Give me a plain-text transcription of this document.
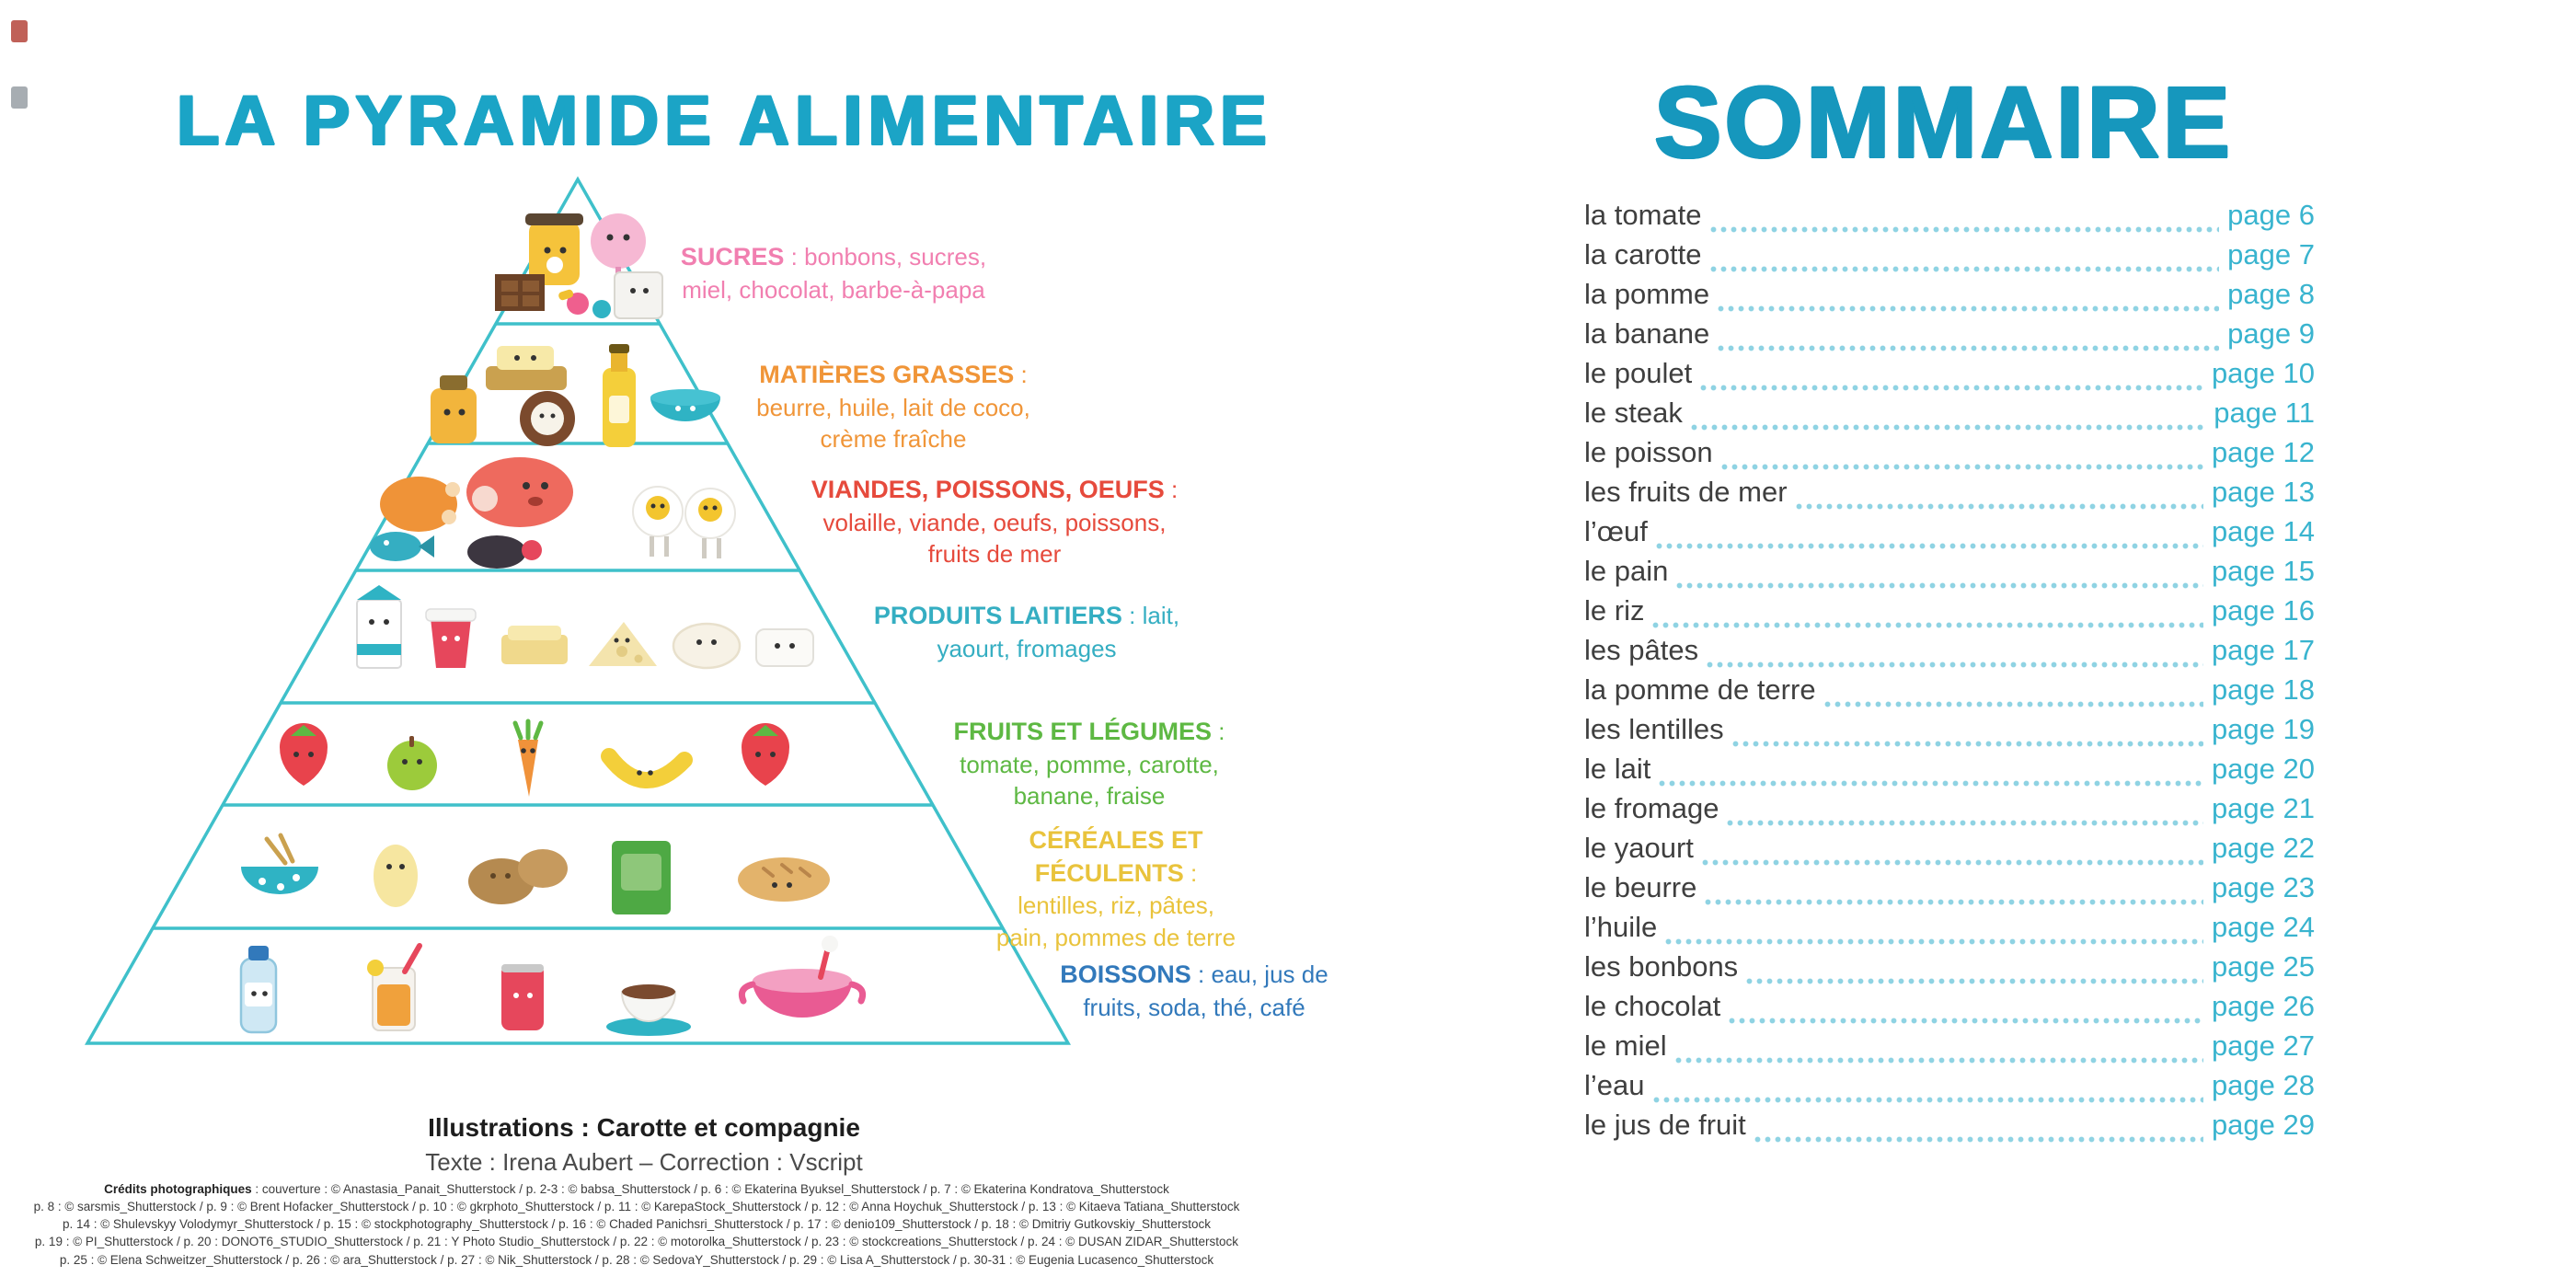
LA PYRAMIDE ALIMENTAIRE
SUCRES : bonbons, sucres, miel, chocolat, barbe-à-papa
MATIÈRES GRASSES : beurre, huile, lait de coco, crème fraîche
VIANDES, POISSONS, OEUFS : volaille, viande, oeufs, poissons, fruits de mer
PRODUITS LAITIERS : lait, yaourt, fromages
FRUITS ET LÉGUMES : tomate, pomme, carotte, banane, fraise
CÉRÉALES ET FÉCULENTS : lentilles, riz, pâtes, pain, pommes de terre
BOISSONS : eau, jus de fruits, soda, thé, café
Illustrations : Carotte et compagnie
Texte : Irena Aubert – Correction : Vscript
Crédits photographiques : couverture : © Anastasia_Panait_Shutterstock / p. 2-3 : © babsa_Shutterstock / p. 6 : © Ekaterina Byuksel_Shutterstock / p. 7 : © Ekaterina Kondratova_Shutterstock
p. 8 : © sarsmis_Shutterstock / p. 9 : © Brent Hofacker_Shutterstock / p. 10 : © gkrphoto_Shutterstock / p. 11 : © KarepaStock_Shutterstock / p. 12 : © Anna Hoychuk_Shutterstock / p. 13 : © Kitaeva Tatiana_Shutterstock
p. 14 : © Shulevskyy Volodymyr_Shutterstock / p. 15 : © stockphotography_Shutterstock / p. 16 : © Chaded Panichsri_Shutterstock / p. 17 : © denio109_Shutterstock / p. 18 : © Dmitriy Gutkovskiy_Shutterstock
p. 19 : © PI_Shutterstock / p. 20 : DONOT6_STUDIO_Shutterstock / p. 21 : Y Photo Studio_Shutterstock / p. 22 : © motorolka_Shutterstock / p. 23 : © stockcreations_Shutterstock / p. 24 : © DUSAN ZIDAR_Shutterstock
p. 25 : © Elena Schweitzer_Shutterstock / p. 26 : © ara_Shutterstock / p. 27 : © Nik_Shutterstock / p. 28 : © SedovaY_Shutterstock / p. 29 : © Lisa A_Shutterstock / p. 30-31 : © Eugenia Lucasenco_Shutterstock
SOMMAIRE
la tomate	page 6
la carotte	page 7
la pomme	page 8
la banane	page 9
le poulet	page 10
le steak	page 11
le poisson	page 12
les fruits de mer	page 13
l’œuf	page 14
le pain	page 15
le riz	page 16
les pâtes	page 17
la pomme de terre	page 18
les lentilles	page 19
le lait	page 20
le fromage	page 21
le yaourt	page 22
le beurre	page 23
l’huile	page 24
les bonbons	page 25
le chocolat	page 26
le miel	page 27
l’eau	page 28
le jus de fruit	page 29
